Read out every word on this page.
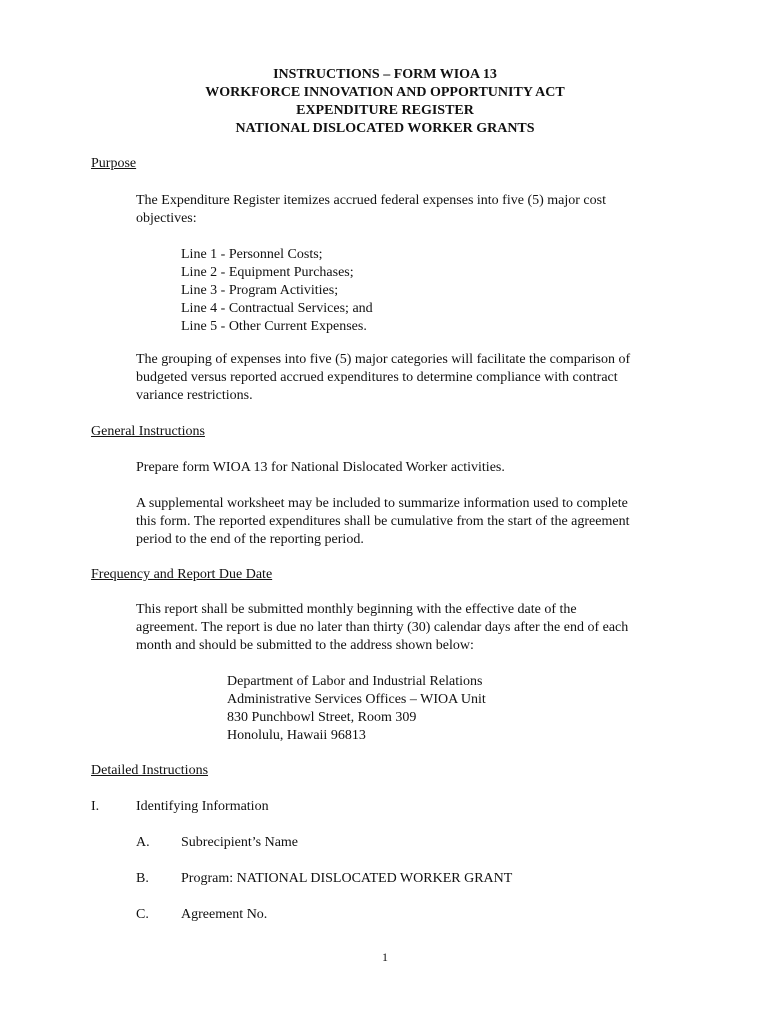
INSTRUCTIONS – FORM WIOA 13
WORKFORCE INNOVATION AND OPPORTUNITY ACT
EXPENDITURE REGISTER
NATIONAL DISLOCATED WORKER GRANTS
Purpose
The Expenditure Register itemizes accrued federal expenses into five (5) major cost
objectives:
Line 1 - Personnel Costs;
Line 2 - Equipment Purchases;
Line 3 - Program Activities;
Line 4 - Contractual Services; and
Line 5 - Other Current Expenses.
The grouping of expenses into five (5) major categories will facilitate the comparison of
budgeted versus reported accrued expenditures to determine compliance with contract
variance restrictions.
General Instructions
Prepare form WIOA 13 for National Dislocated Worker activities.
A supplemental worksheet may be included to summarize information used to complete
this form. The reported expenditures shall be cumulative from the start of the agreement
period to the end of the reporting period.
Frequency and Report Due Date
This report shall be submitted monthly beginning with the effective date of the
agreement. The report is due no later than thirty (30) calendar days after the end of each
month and should be submitted to the address shown below:
Department of Labor and Industrial Relations
Administrative Services Offices – WIOA Unit
830 Punchbowl Street, Room 309
Honolulu, Hawaii 96813
Detailed Instructions
I.	Identifying Information
A. Subrecipient’s Name
B. Program: NATIONAL DISLOCATED WORKER GRANT
C. Agreement No.
1
